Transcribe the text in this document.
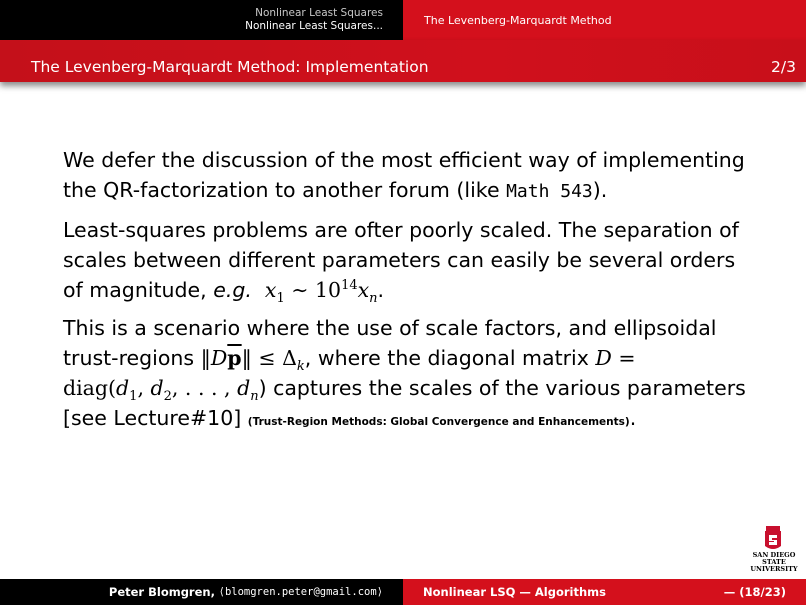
Nonlinear Least Squares
Nonlinear Least Squares...	The Levenberg-Marquardt Method
The Levenberg-Marquardt Method: Implementation	2/3

We defer the discussion of the most efficient way of implementing the QR-factorization to another forum (like Math 543).

Least-squares problems are ofter poorly scaled. The separation of scales between different parameters can easily be several orders of magnitude, e.g. $x_1$ ∼ $10^{14}x_n$.

This is a scenario where the use of scale factors, and ellipsoidal trust-regions $‖D\overline{p}‖ \le \Delta_k$, where the diagonal matrix $D = diag(d_1$, $d_2$, . . . , $d_n$) captures the scales of the various parameters [see Lecture#10] (Trust-Region Methods: Global Convergence and Enhancements).

SAN DIEGO STATE
UNIVERSITY
Peter Blomgren,
⟨blomgren.peter@gmail.com⟩	Nonlinear LSQ — Algorithms	— (18/23)
